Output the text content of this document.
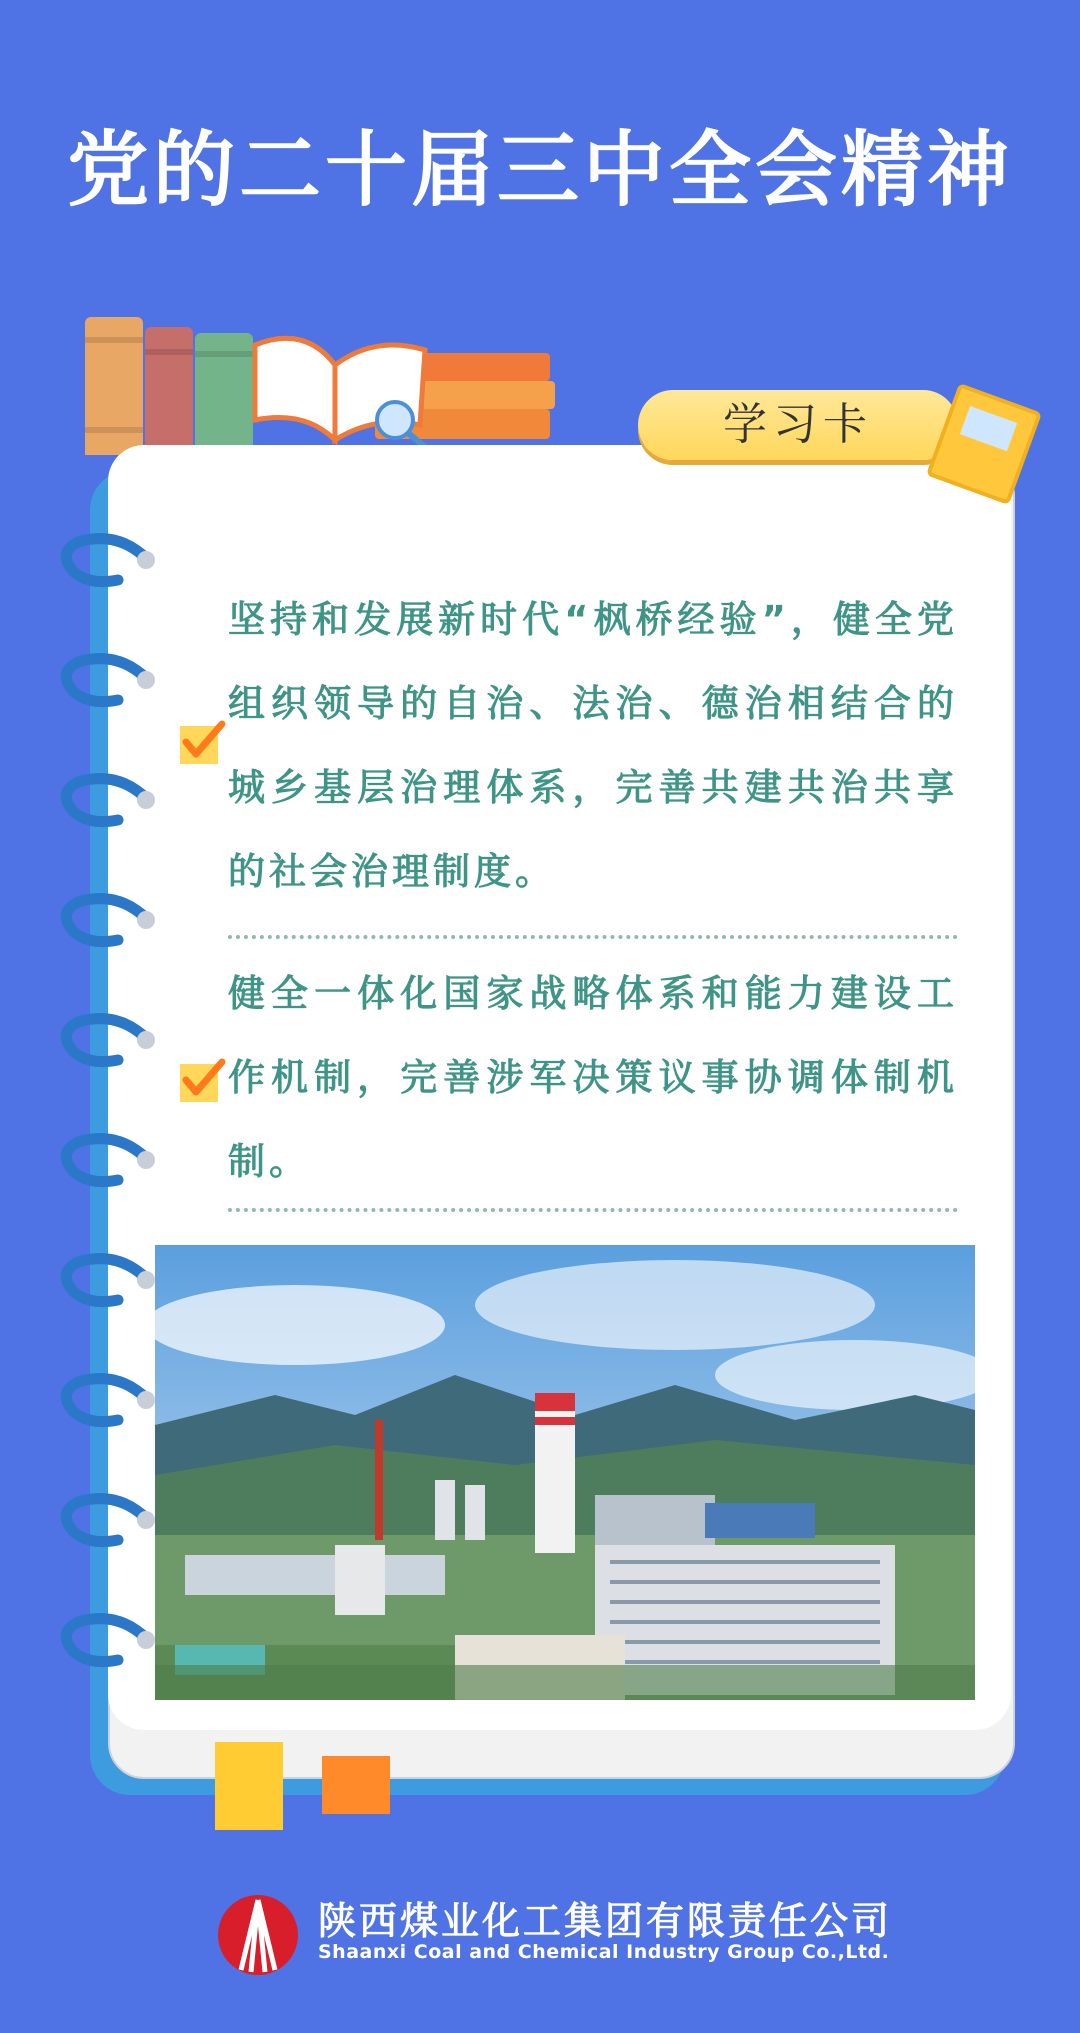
党的二十届三中全会精神
学习卡
坚持和发展新时代“枫桥经验”，健全党组织领导的自治、法治、德治相结合的城乡基层治理体系，完善共建共治共享的社会治理制度。
健全一体化国家战略体系和能力建设工作机制，完善涉军决策议事协调体制机制。
陕西煤业化工集团有限责任公司
Shaanxi Coal and Chemical Industry Group Co.,Ltd.
